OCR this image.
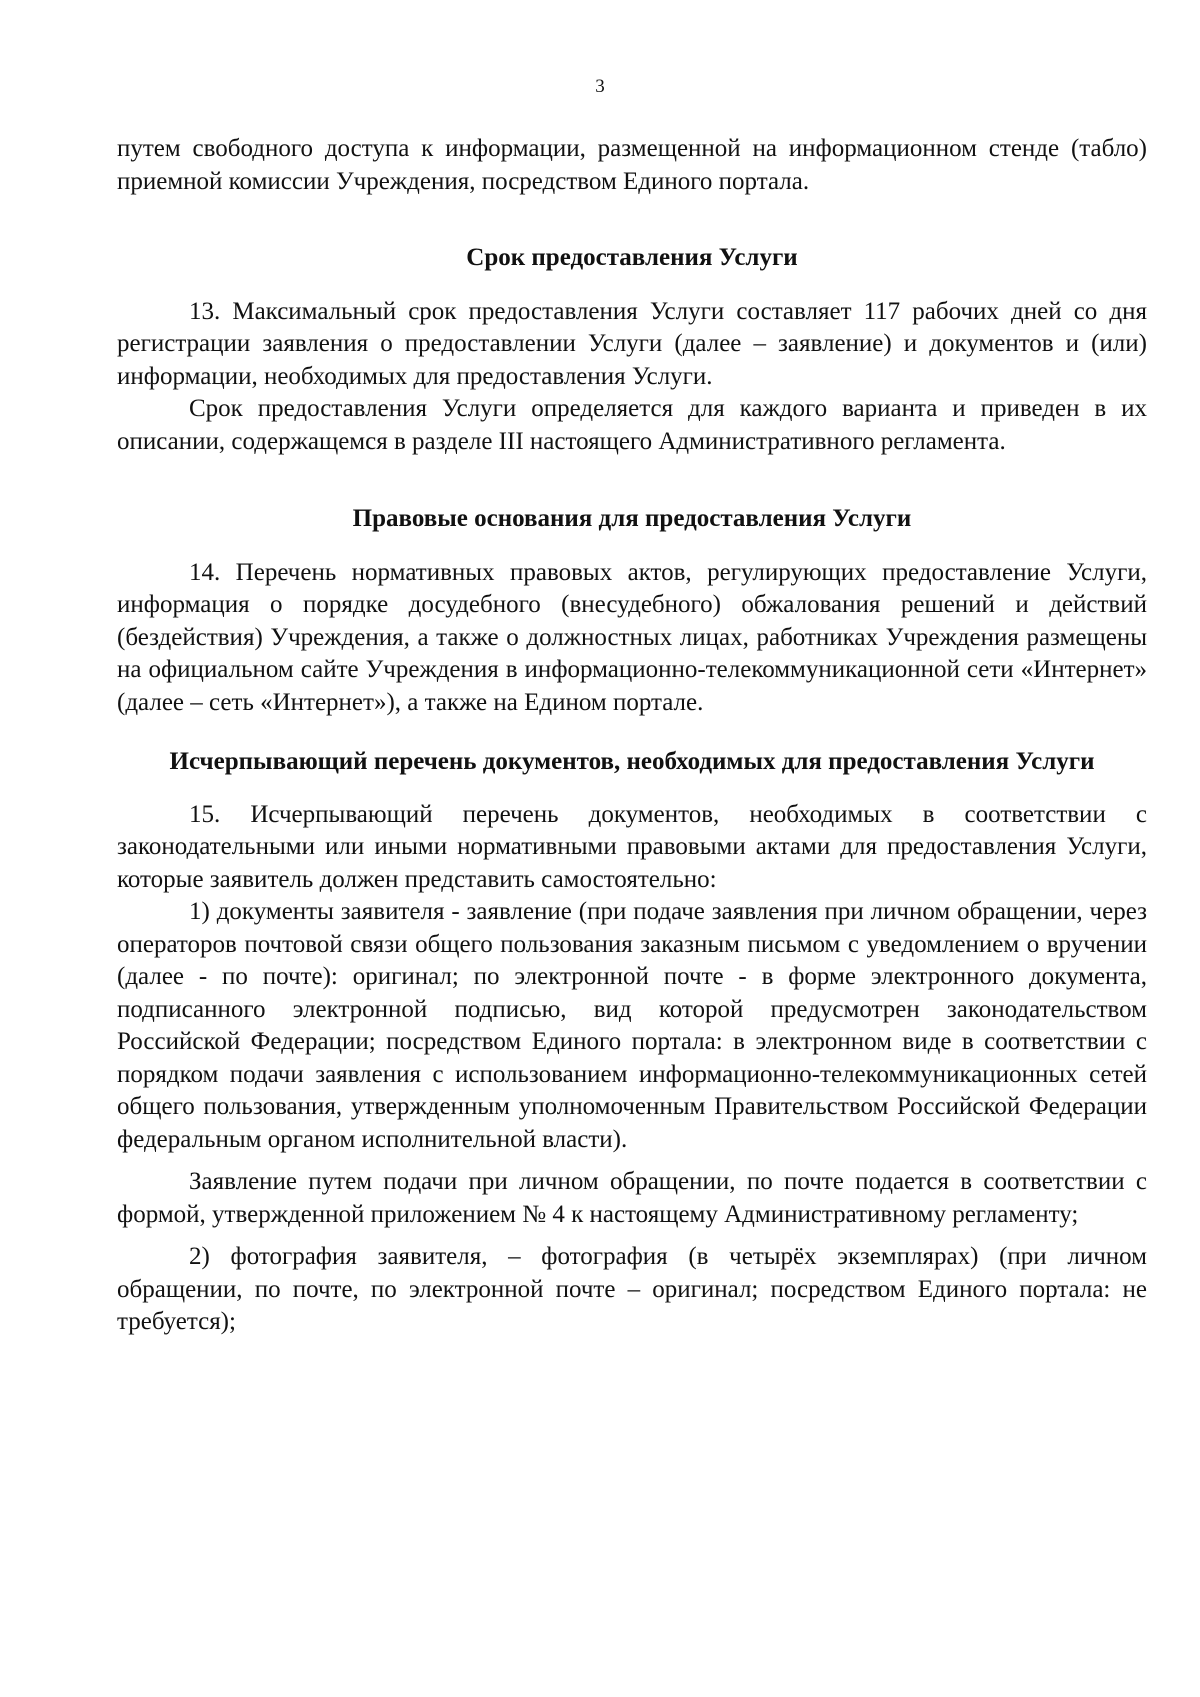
3

путем свободного доступа к информации, размещенной на информационном стенде (табло) приемной комиссии Учреждения, посредством Единого портала.

Срок предоставления Услуги

13. Максимальный срок предоставления Услуги составляет 117 рабочих дней со дня регистрации заявления о предоставлении Услуги (далее – заявление) и документов и (или) информации, необходимых для предоставления Услуги.

Срок предоставления Услуги определяется для каждого варианта и приведен в их описании, содержащемся в разделе III настоящего Административного регламента.

Правовые основания для предоставления Услуги

14. Перечень нормативных правовых актов, регулирующих предоставление Услуги, информация о порядке досудебного (внесудебного) обжалования решений и действий (бездействия) Учреждения, а также о должностных лицах, работниках Учреждения размещены на официальном сайте Учреждения в информационно-телекоммуникационной сети «Интернет» (далее – сеть «Интернет»), а также на Едином портале.

Исчерпывающий перечень документов, необходимых для предоставления Услуги

15. Исчерпывающий перечень документов, необходимых в соответствии с законодательными или иными нормативными правовыми актами для предоставления Услуги, которые заявитель должен представить самостоятельно:

1) документы заявителя - заявление (при подаче заявления при личном обращении, через операторов почтовой связи общего пользования заказным письмом с уведомлением о вручении (далее - по почте): оригинал; по электронной почте - в форме электронного документа, подписанного электронной подписью, вид которой предусмотрен законодательством Российской Федерации; посредством Единого портала: в электронном виде в соответствии с порядком подачи заявления с использованием информационно-телекоммуникационных сетей общего пользования, утвержденным уполномоченным Правительством Российской Федерации федеральным органом исполнительной власти).

Заявление путем подачи при личном обращении, по почте подается в соответствии с формой, утвержденной приложением № 4 к настоящему Административному регламенту;

2) фотография заявителя, – фотография (в четырёх экземплярах) (при личном обращении, по почте, по электронной почте – оригинал; посредством Единого портала: не требуется);
